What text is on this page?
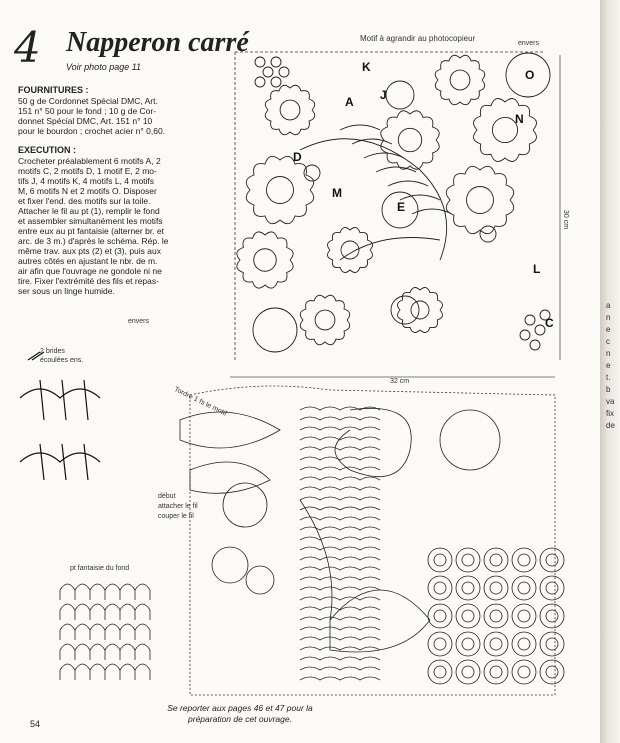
a
n
e
c
n
e
t.
b
va
fix
de
4 Napperon carré
Voir photo page 11
FOURNITURES :
50 g de Cordonnet Spécial DMC, Art.
151 n° 50 pour le fond ; 10 g de Cor-
donnet Spécial DMC, Art. 151 n° 10
pour le bourdon ; crochet acier n° 0,60.
EXECUTION :
Crocheter préalablement 6 motifs A, 2
motifs C, 2 motifs D, 1 motif E, 2 mo-
tifs J, 4 motifs K, 4 motifs L, 4 motifs
M, 6 motifs N et 2 motifs O. Disposer
et fixer l'end. des motifs sur la toile.
Attacher le fil au pt (1), remplir le fond
et assembler simultanément les motifs
entre eux au pt fantaisie (alterner br. et
arc. de 3 m.) d'après le schéma. Rép. le
même trav. aux pts (2) et (3), puis aux
autres côtés en ajustant le nbr. de m.
air afin que l'ouvrage ne gondole ni ne
tire. Fixer l'extrémité des fils et repas-
ser sous un linge humide.
Motif à agrandir au photocopieur
envers
envers
30 cm
32 cm
Tordre 1 fs le motif
K
J
A
O
N
D
M
E
L
C
2 brides
écoulées ens.
début
attacher le fil
couper le fil
pt fantaisie du fond
Se reporter aux pages 46 et 47 pour la
préparation de cet ouvrage.
54
